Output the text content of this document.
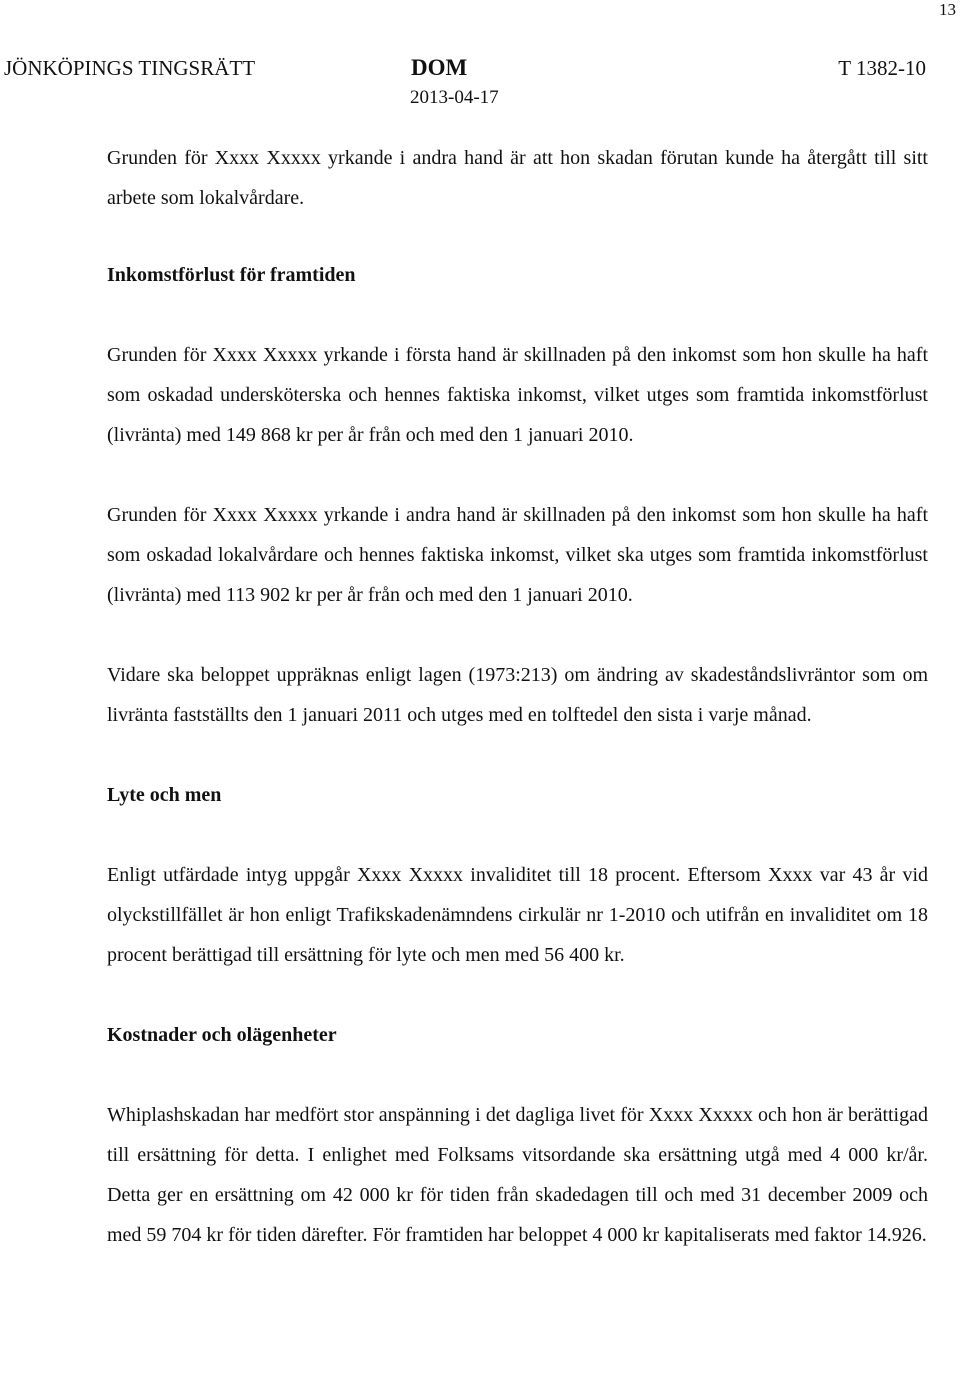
13
JÖNKÖPINGS TINGSRÄTT	DOM	T 1382-10
2013-04-17

Grunden för Xxxx Xxxxx yrkande i andra hand är att hon skadan förutan kunde ha återgått till sitt arbete som lokalvårdare.

Inkomstförlust för framtiden

Grunden för Xxxx Xxxxx yrkande i första hand är skillnaden på den inkomst som hon skulle ha haft som oskadad undersköterska och hennes faktiska inkomst, vilket utges som framtida inkomstförlust (livränta) med 149 868 kr per år från och med den 1 januari 2010.

Grunden för Xxxx Xxxxx yrkande i andra hand är skillnaden på den inkomst som hon skulle ha haft som oskadad lokalvårdare och hennes faktiska inkomst, vilket ska utges som framtida inkomstförlust (livränta) med 113 902 kr per år från och med den 1 januari 2010.

Vidare ska beloppet uppräknas enligt lagen (1973:213) om ändring av skadeståndslivräntor som om livränta fastställts den 1 januari 2011 och utges med en tolftedel den sista i varje månad.

Lyte och men

Enligt utfärdade intyg uppgår Xxxx Xxxxx invaliditet till 18 procent. Eftersom Xxxx var 43 år vid olyckstillfället är hon enligt Trafikskadenämndens cirkulär nr 1-2010 och utifrån en invaliditet om 18 procent berättigad till ersättning för lyte och men med 56 400 kr.

Kostnader och olägenheter

Whiplashskadan har medfört stor anspänning i det dagliga livet för Xxxx Xxxxx och hon är berättigad till ersättning för detta. I enlighet med Folksams vitsordande ska ersättning utgå med 4 000 kr/år. Detta ger en ersättning om 42 000 kr för tiden från skadedagen till och med 31 december 2009 och med 59 704 kr för tiden därefter. För framtiden har beloppet 4 000 kr kapitaliserats med faktor 14.926.
